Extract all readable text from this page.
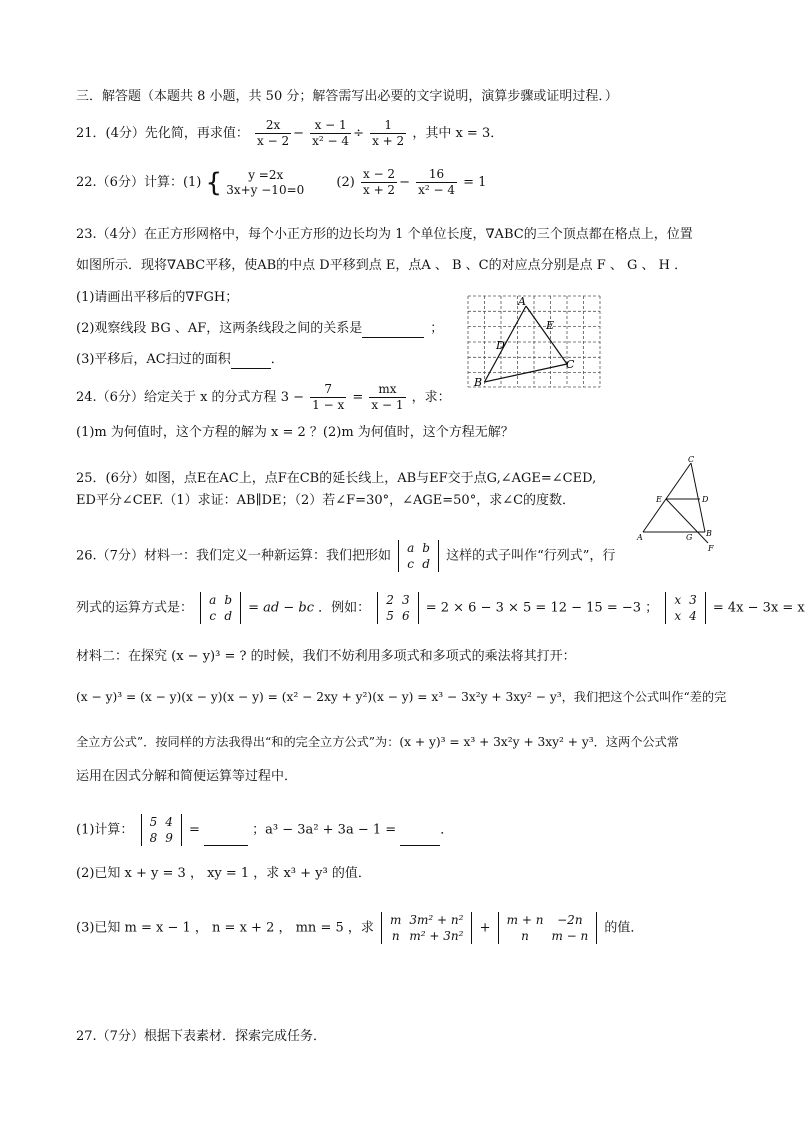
三．解答题（本题共 8 小题，共 50 分；解答需写出必要的文字说明，演算步骤或证明过程．）
21．(4分）先化简，再求值： $\frac{2x}{x - 2} - \frac{x - 1}{\text{x² − 4}} \div \frac{1}{x + 2}$ ，其中 x = 3．
22.（6分）计算：(1) {	y =2x
3x+y −10=0 $(2) \frac{x - 2}{x + 2} - \frac{16}{\text{x² − 4}} = 1$
23.（4分）在正方形网格中，每个小正方形的边长均为 1 个单位长度，∇ABC的三个顶点都在格点上，位置
如图所示．现将∇ABC平移，使AB的中点 D平移到点 E，点A 、 B 、C的对应点分别是点 F 、 G 、 H ．
(1)请画出平移后的∇FGH；
(2)观察线段 BG 、AF，这两条线段之间的关系是	；
(3)平移后，AC扫过的面积	．
A
B
C
D
E
24.（6分）给定关于 x 的分式方程 $3 - \frac{7}{1 - x} = \frac{mx}{x - 1}$ ，求：
(1)m 为何值时，这个方程的解为 x = 2 ？(2)m 为何值时，这个方程无解？
25．(6分）如图，点E在AC上，点F在CB的延长线上，AB与EF交于点G,∠AGE=∠CED,
ED平分∠CEF.（1）求证：AB∥DE；（2）若∠F=30°，∠AGE=50°，求∠C的度数．
C
E	D
A	G B
F
26.（7分）材料一：我们定义一种新运算：我们把形如
a	b
c	d
这样的式子叫作“行列式”，行
列式的运算方式是：
a	b
c	d
= ad − bc ．例如：
2	3
5	6
= 2 × 6 − 3 × 5 = 12 − 15 = −3 ；
x	3
x	4
= 4x − 3x = x
材料二：在探究 (x − y)³ = ? 的时候，我们不妨利用多项式和多项式的乘法将其打开：
(x − y)³ = (x − y)(x − y)(x − y) = (x² − 2xy + y²)(x − y) = x³ − 3x²y + 3xy² − y³，我们把这个公式叫作“差的完
全立方公式”．按同样的方法我得出“和的完全立方公式”为：(x + y)³ = x³ + 3x²y + 3xy² + y³．这两个公式常
运用在因式分解和简便运算等过程中．
(1)计算：
5	4
8	9
=	；a³ − 3a² + 3a − 1 =	．
(2)已知 x + y = 3 ， xy = 1 ，求 x³ + y³ 的值．
(3)已知 m = x − 1 ， n = x + 2 ， mn = 5 ，求
m	3m² + n²
n	m² + 3n²
+
m + n	−2n
n	m − n
的值．
27.（7分）根据下表素材．探索完成任务．
